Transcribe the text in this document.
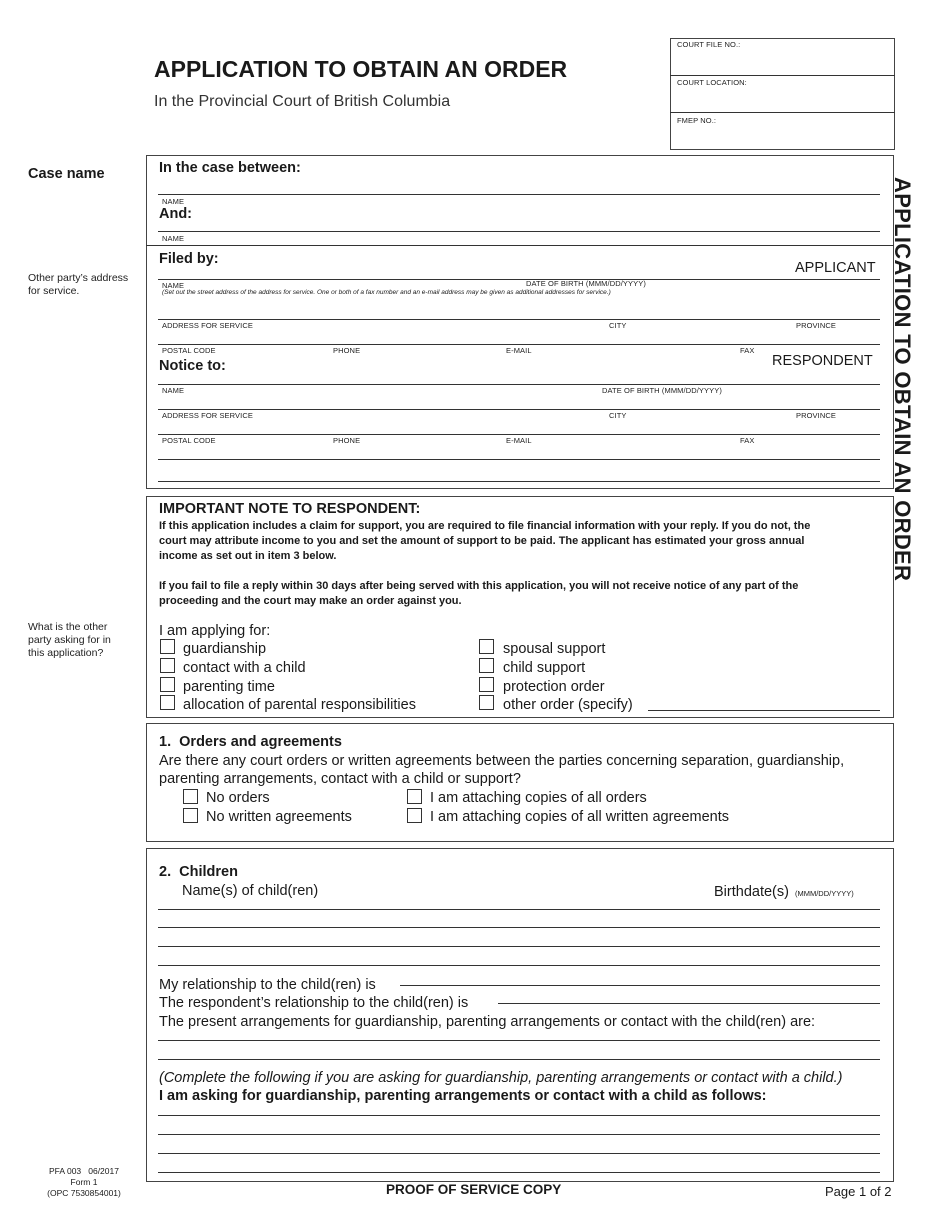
APPLICATION TO OBTAIN AN ORDER
In the Provincial Court of British Columbia
COURT FILE NO.:
COURT LOCATION:
FMEP NO.:
APPLICATION TO OBTAIN AN ORDER
Case name
Other party’s address
for service.
What is the other
party asking for in
this application?
In the case between:
NAME
And:
NAME
Filed by:
APPLICANT
NAME	DATE OF BIRTH (MMM/DD/YYYY)
(Set out the street address of the address for service. One or both of a fax number and an e-mail address may be given as additional addresses for service.)
ADDRESS FOR SERVICE	CITY	PROVINCE
POSTAL CODE	PHONE	E-MAIL	FAX
Notice to:	RESPONDENT
NAME	DATE OF BIRTH (MMM/DD/YYYY)
ADDRESS FOR SERVICE	CITY	PROVINCE
POSTAL CODE	PHONE	E-MAIL	FAX
IMPORTANT NOTE TO RESPONDENT:
If this application includes a claim for support, you are required to file financial information with your reply. If you do not, the
court may attribute income to you and set the amount of support to be paid. The applicant has estimated your gross annual
income as set out in item 3 below.
If you fail to file a reply within 30 days after being served with this application, you will not receive notice of any part of the
proceeding and the court may make an order against you.
I am applying for:
guardianship
contact with a child
parenting time
allocation of parental responsibilities
spousal support
child support
protection order
other order (specify)
1.  Orders and agreements
Are there any court orders or written agreements between the parties concerning separation, guardianship,
parenting arrangements, contact with a child or support?
No orders
No written agreements
I am attaching copies of all orders
I am attaching copies of all written agreements
2.  Children
Name(s) of child(ren)	Birthdate(s) (MMM/DD/YYYY)
My relationship to the child(ren) is
The respondent’s relationship to the child(ren) is
The present arrangements for guardianship, parenting arrangements or contact with the child(ren) are:
(Complete the following if you are asking for guardianship, parenting arrangements or contact with a child.)
I am asking for guardianship, parenting arrangements or contact with a child as follows:
PFA 003   06/2017
Form 1
(OPC 7530854001)	PROOF OF SERVICE COPY	Page 1 of 2
